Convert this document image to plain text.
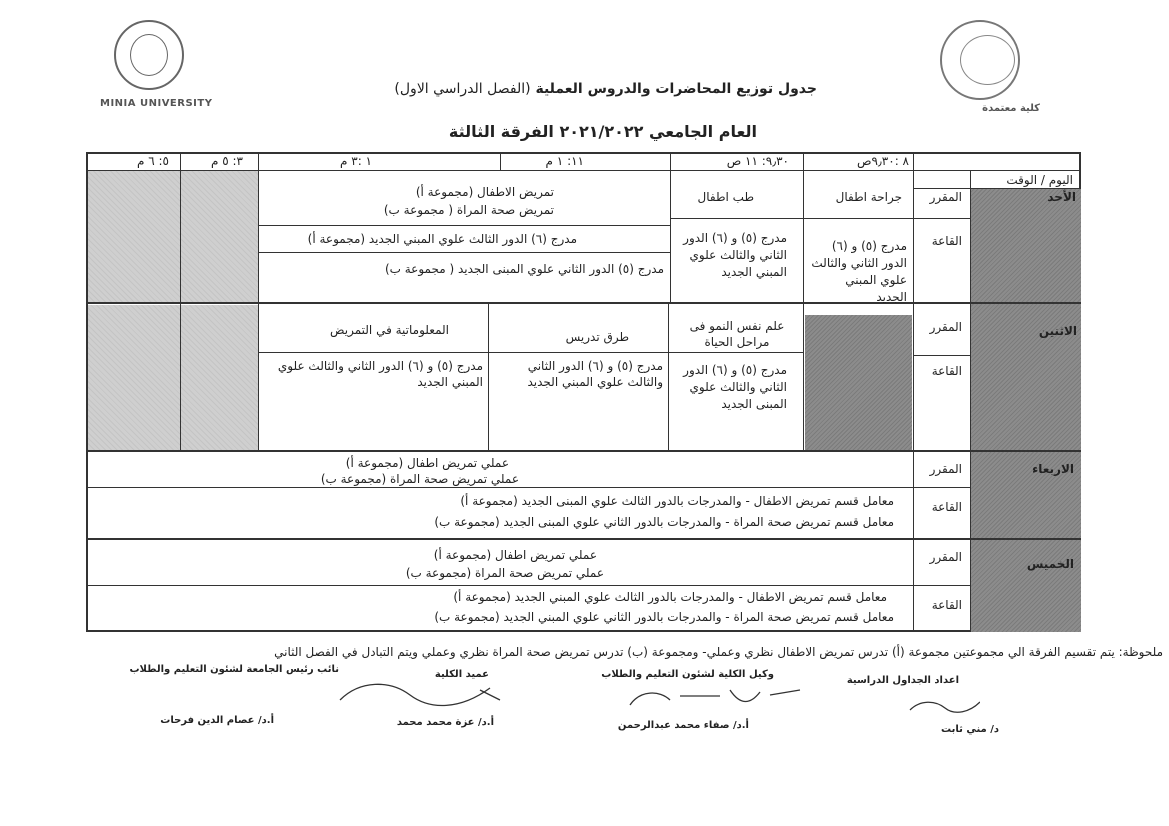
MINIA UNIVERSITY	كلية معتمدة
جدول توزيع المحاضرات والدروس العملية (الفصل الدراسي الاول)
العام الجامعي ٢٠٢١/٢٠٢٢ الفرقة الثالثة
اليوم / الوقت
٨ :٩٫٣٠ص
٩٫٣٠: ١١ ص
١١: ١ م
١ :٣ م
٣: ٥ م
٥: ٦ م
الأحد
المقرر
القاعة
جراحة اطفال
طب اطفال
تمريض الاطفال (مجموعة أ)
تمريض صحة المراة ( مجموعة ب)
مدرج (٥) و (٦) الدور الثاني والثالث علوي المبني الجديد
مدرج (٥) و (٦) الدور الثاني والثالث علوي المبني الجديد
مدرج (٦) الدور الثالث علوي المبني الجديد (مجموعة أ)
مدرج (٥) الدور الثاني علوي المبنى الجديد ( مجموعة ب)
الاثنين
المقرر
القاعة
علم نفس النمو فى مراحل الحياة
طرق تدريس
المعلوماتية في التمريض
مدرج (٥) و (٦) الدور الثاني والثالث علوي المبنى الجديد
مدرج (٥) و (٦) الدور الثاني والثالث علوي المبني الجديد
مدرج (٥) و (٦) الدور الثاني والثالث علوي المبني الجديد
الاربعاء
المقرر
القاعة
عملي تمريض اطفال (مجموعة أ)
عملي تمريض صحة المراة (مجموعة ب)
معامل قسم تمريض الاطفال - والمدرجات بالدور الثالث علوي المبنى الجديد (مجموعة أ)
معامل قسم تمريض صحة المراة - والمدرجات بالدور الثاني علوي المبنى الجديد (مجموعة ب)
الخميس
المقرر
القاعة
عملي تمريض اطفال (مجموعة أ)
عملي تمريض صحة المراة (مجموعة ب)
معامل قسم تمريض الاطفال - والمدرجات بالدور الثالث علوي المبني الجديد (مجموعة أ)
معامل قسم تمريض صحة المراة - والمدرجات بالدور الثاني علوي المبني الجديد (مجموعة ب)
ملحوظة: يتم تقسيم الفرقة الي مجموعتين مجموعة (أ) تدرس تمريض الاطفال نظري وعملي- ومجموعة (ب) تدرس تمريض صحة المراة نظري وعملي ويتم التبادل في الفصل الثاني
اعداد الجداول الدراسية
وكيل الكلية لشئون التعليم والطلاب
عميد الكلية
نائب رئيس الجامعة لشئون التعليم والطلاب
د/ مني ثابت
أ.د/ صفاء محمد عبدالرحمن
أ.د/ عزة محمد محمد
أ.د/ عصام الدين فرحات
